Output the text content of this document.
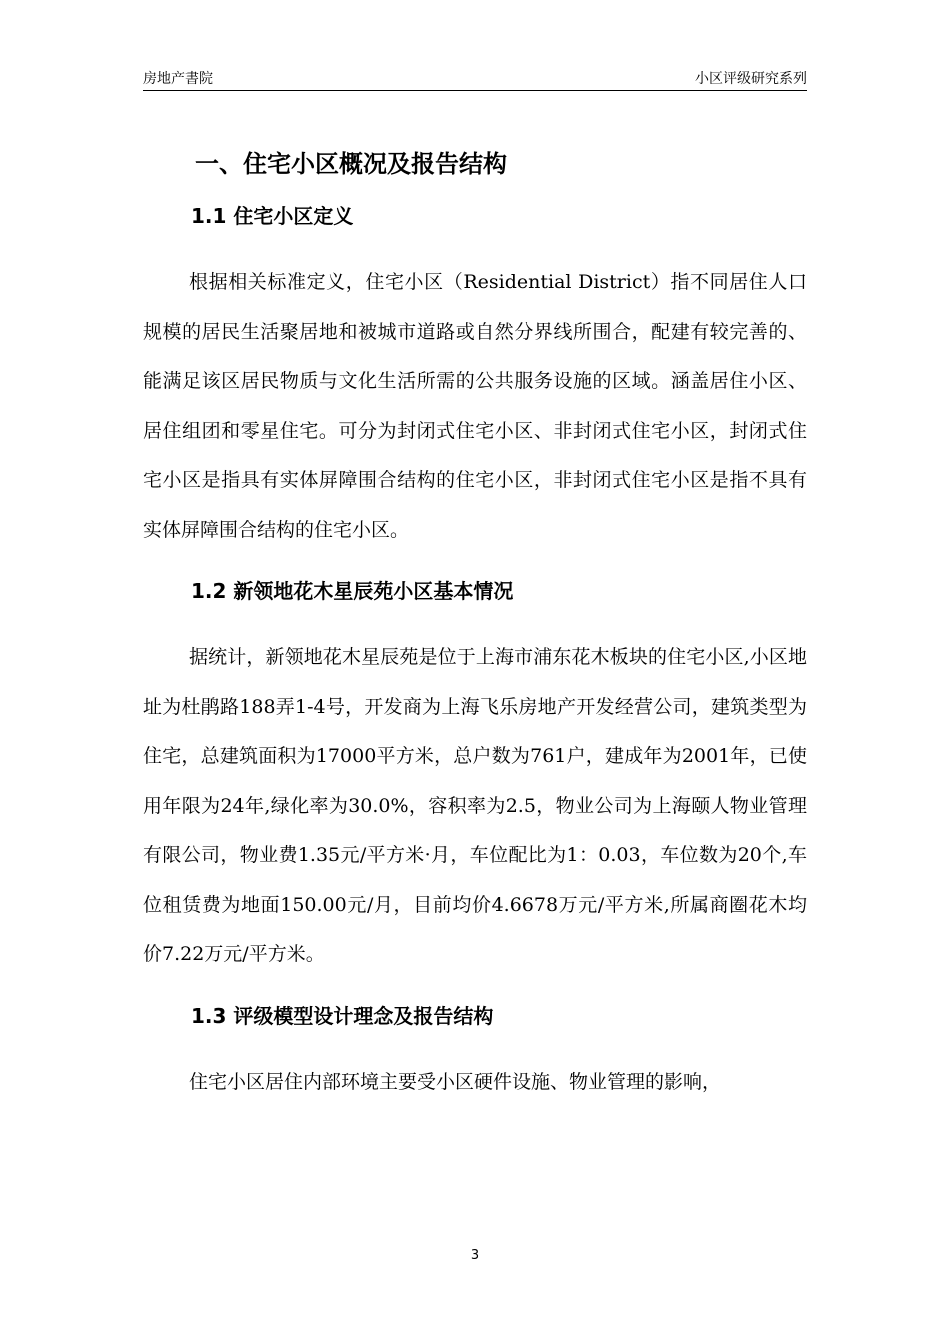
房地产書院	小区评级研究系列
一、住宅小区概况及报告结构
1.1 住宅小区定义

根据相关标准定义，住宅小区（Residential District）指不同居住人口规模的居民生活聚居地和被城市道路或自然分界线所围合，配建有较完善的、能满足该区居民物质与文化生活所需的公共服务设施的区域。涵盖居住小区、居住组团和零星住宅。可分为封闭式住宅小区、非封闭式住宅小区，封闭式住宅小区是指具有实体屏障围合结构的住宅小区，非封闭式住宅小区是指不具有实体屏障围合结构的住宅小区。

1.2 新领地花木星辰苑小区基本情况

据统计，新领地花木星辰苑是位于上海市浦东花木板块的住宅小区,小区地址为杜鹃路188弄1-4号，开发商为上海飞乐房地产开发经营公司，建筑类型为住宅，总建筑面积为17000平方米，总户数为761户，建成年为2001年，已使用年限为24年,绿化率为30.0%，容积率为2.5，物业公司为上海颐人物业管理有限公司，物业费1.35元/平方米·月，车位配比为1：0.03，车位数为20个,车位租赁费为地面150.00元/月，目前均价4.6678万元/平方米,所属商圈花木均价7.22万元/平方米。

1.3 评级模型设计理念及报告结构

住宅小区居住内部环境主要受小区硬件设施、物业管理的影响，

3
